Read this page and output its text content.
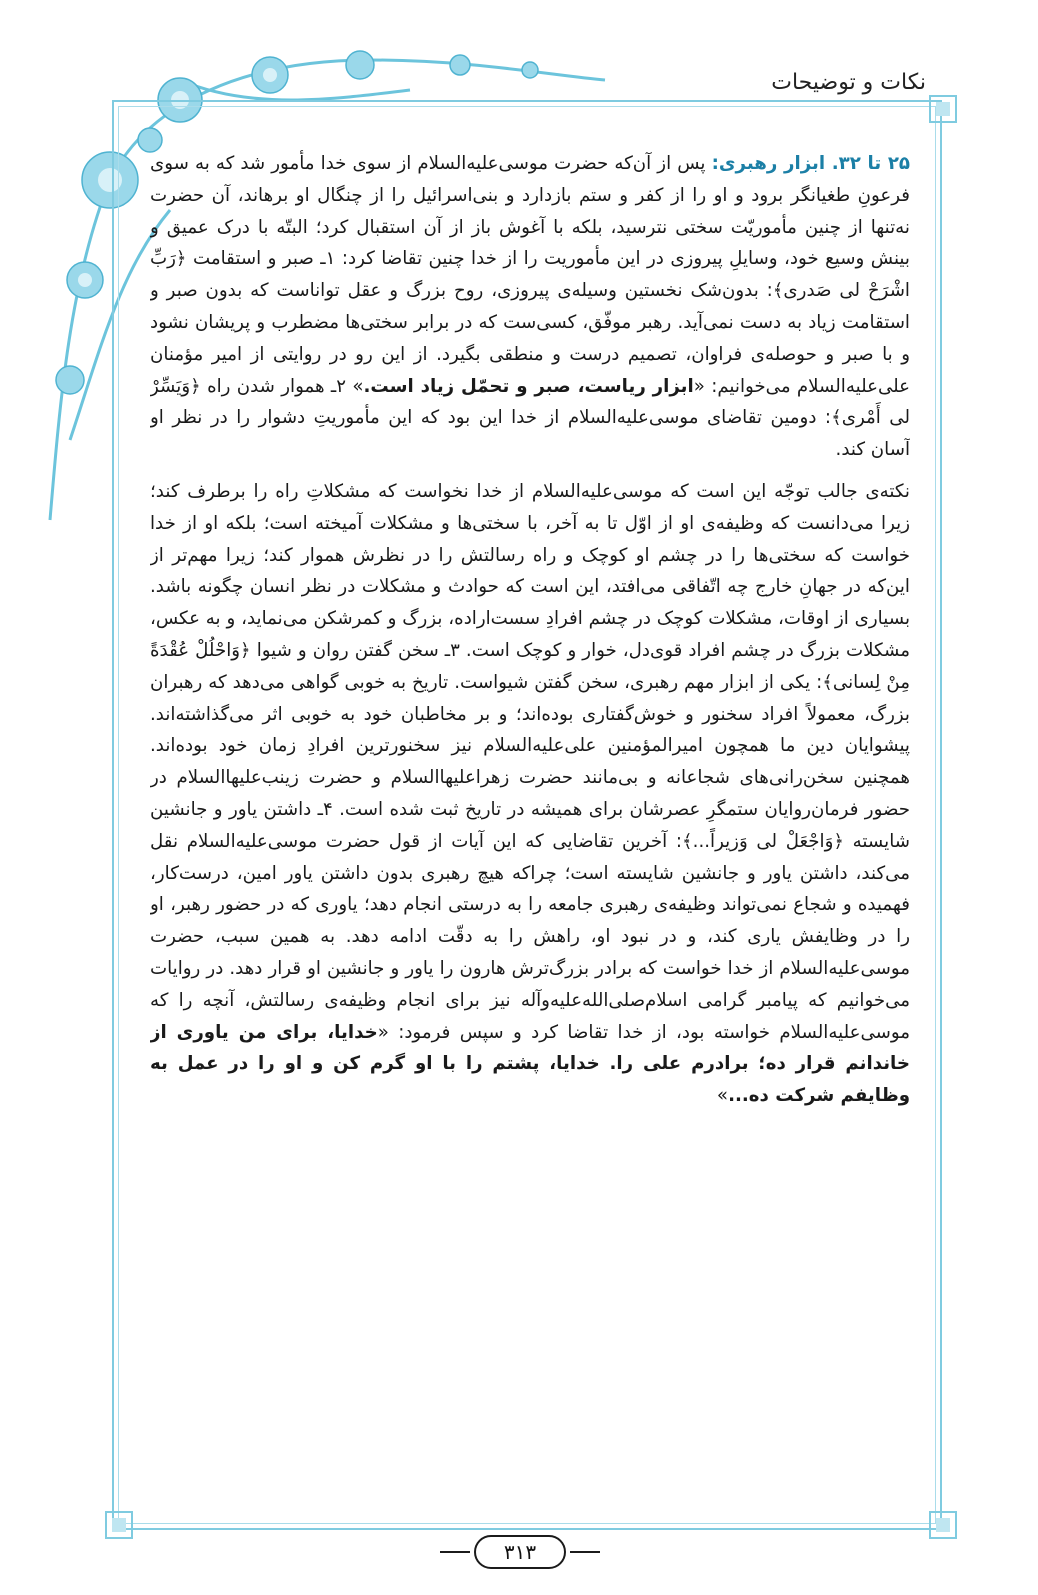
نکات و توضیحات

۲۵ تا ۳۲. ابزار رهبری: پس از آن‌که حضرت موسی‌علیه‌السلام از سوی خدا مأمور شد که به سوی فرعونِ طغیانگر برود و او را از کفر و ستم بازدارد و بنی‌اسرائیل را از چنگال او برهاند، آن حضرت نه‌تنها از چنین مأموریّت سختی نترسید، بلکه با آغوش باز از آن استقبال کرد؛ البتّه با درک عمیق و بینش وسیع خود، وسایلِ پیروزی در این مأموریت را از خدا چنین تقاضا کرد: ۱ـ صبر و استقامت ﴿رَبِّ اشْرَحْ لی صَدری﴾: بدون‌شک نخستین وسیله‌ی پیروزی، روح بزرگ و عقل تواناست که بدون صبر و استقامت زیاد به دست نمی‌آید. رهبر موفّق، کسی‌ست که در برابر سختی‌ها مضطرب و پریشان نشود و با صبر و حوصله‌ی فراوان، تصمیم درست و منطقی بگیرد. از این رو در روایتی از امیر مؤمنان علی‌علیه‌السلام می‌خوانیم: «ابزار ریاست، صبر و تحمّل زیاد است.» ۲ـ هموار شدن راه ﴿وَیَسِّرْ لی أَمْری﴾: دومین تقاضای موسی‌علیه‌السلام از خدا این بود که این مأموریتِ دشوار را در نظر او آسان کند.

نکته‌ی جالب توجّه این است که موسی‌علیه‌السلام از خدا نخواست که مشکلاتِ راه را برطرف کند؛ زیرا می‌دانست که وظیفه‌ی او از اوّل تا به آخر، با سختی‌ها و مشکلات آمیخته است؛ بلکه او از خدا خواست که سختی‌ها را در چشم او کوچک و راه رسالتش را در نظرش هموار کند؛ زیرا مهم‌تر از این‌که در جهانِ خارج چه اتّفاقی می‌افتد، این است که حوادث و مشکلات در نظر انسان چگونه باشد. بسیاری از اوقات، مشکلات کوچک در چشم افرادِ سست‌اراده، بزرگ و کمرشکن می‌نماید، و به عکس، مشکلات بزرگ در چشم افراد قوی‌دل، خوار و کوچک است. ۳ـ سخن گفتن روان و شیوا ﴿وَاحْلُلْ عُقْدَةً مِنْ لِسانی﴾: یکی از ابزار مهم رهبری، سخن گفتن شیواست. تاریخ به خوبی گواهی می‌دهد که رهبران بزرگ، معمولاً افراد سخنور و خوش‌گفتاری بوده‌اند؛ و بر مخاطبان خود به خوبی اثر می‌گذاشته‌اند. پیشوایان دین ما همچون امیرالمؤمنین علی‌علیه‌السلام نیز سخنورترین افرادِ زمان خود بوده‌اند. همچنین سخن‌رانی‌های شجاعانه و بی‌مانند حضرت زهرا‌علیهاالسلام و حضرت زینب‌علیهاالسلام در حضور فرمان‌روایان ستمگرِ عصرشان برای همیشه در تاریخ ثبت شده است. ۴ـ داشتن یاور و جانشین شایسته ﴿وَاجْعَلْ لی وَزیراً...﴾: آخرین تقاضایی که این آیات از قول حضرت موسی‌علیه‌السلام نقل می‌کند، داشتن یاور و جانشین شایسته است؛ چراکه هیچ رهبری بدون داشتن یاور امین، درست‌کار، فهمیده و شجاع نمی‌تواند وظیفه‌ی رهبری جامعه را به درستی انجام دهد؛ یاوری که در حضور رهبر، او را در وظایفش یاری کند، و در نبود او، راهش را به دقّت ادامه دهد. به همین سبب، حضرت موسی‌علیه‌السلام از خدا خواست که برادر بزرگ‌ترش هارون را یاور و جانشین او قرار دهد. در روایات می‌خوانیم که پیامبر گرامی اسلام‌صلی‌الله‌علیه‌وآله نیز برای انجام وظیفه‌ی رسالتش، آنچه را که موسی‌علیه‌السلام خواسته بود، از خدا تقاضا کرد و سپس فرمود: «خدایا، برای من یاوری از خاندانم قرار ده؛ برادرم علی را. خدایا، پشتم را با او گرم کن و او را در عمل به وظایفم شرکت ده...»

۳۱۳
